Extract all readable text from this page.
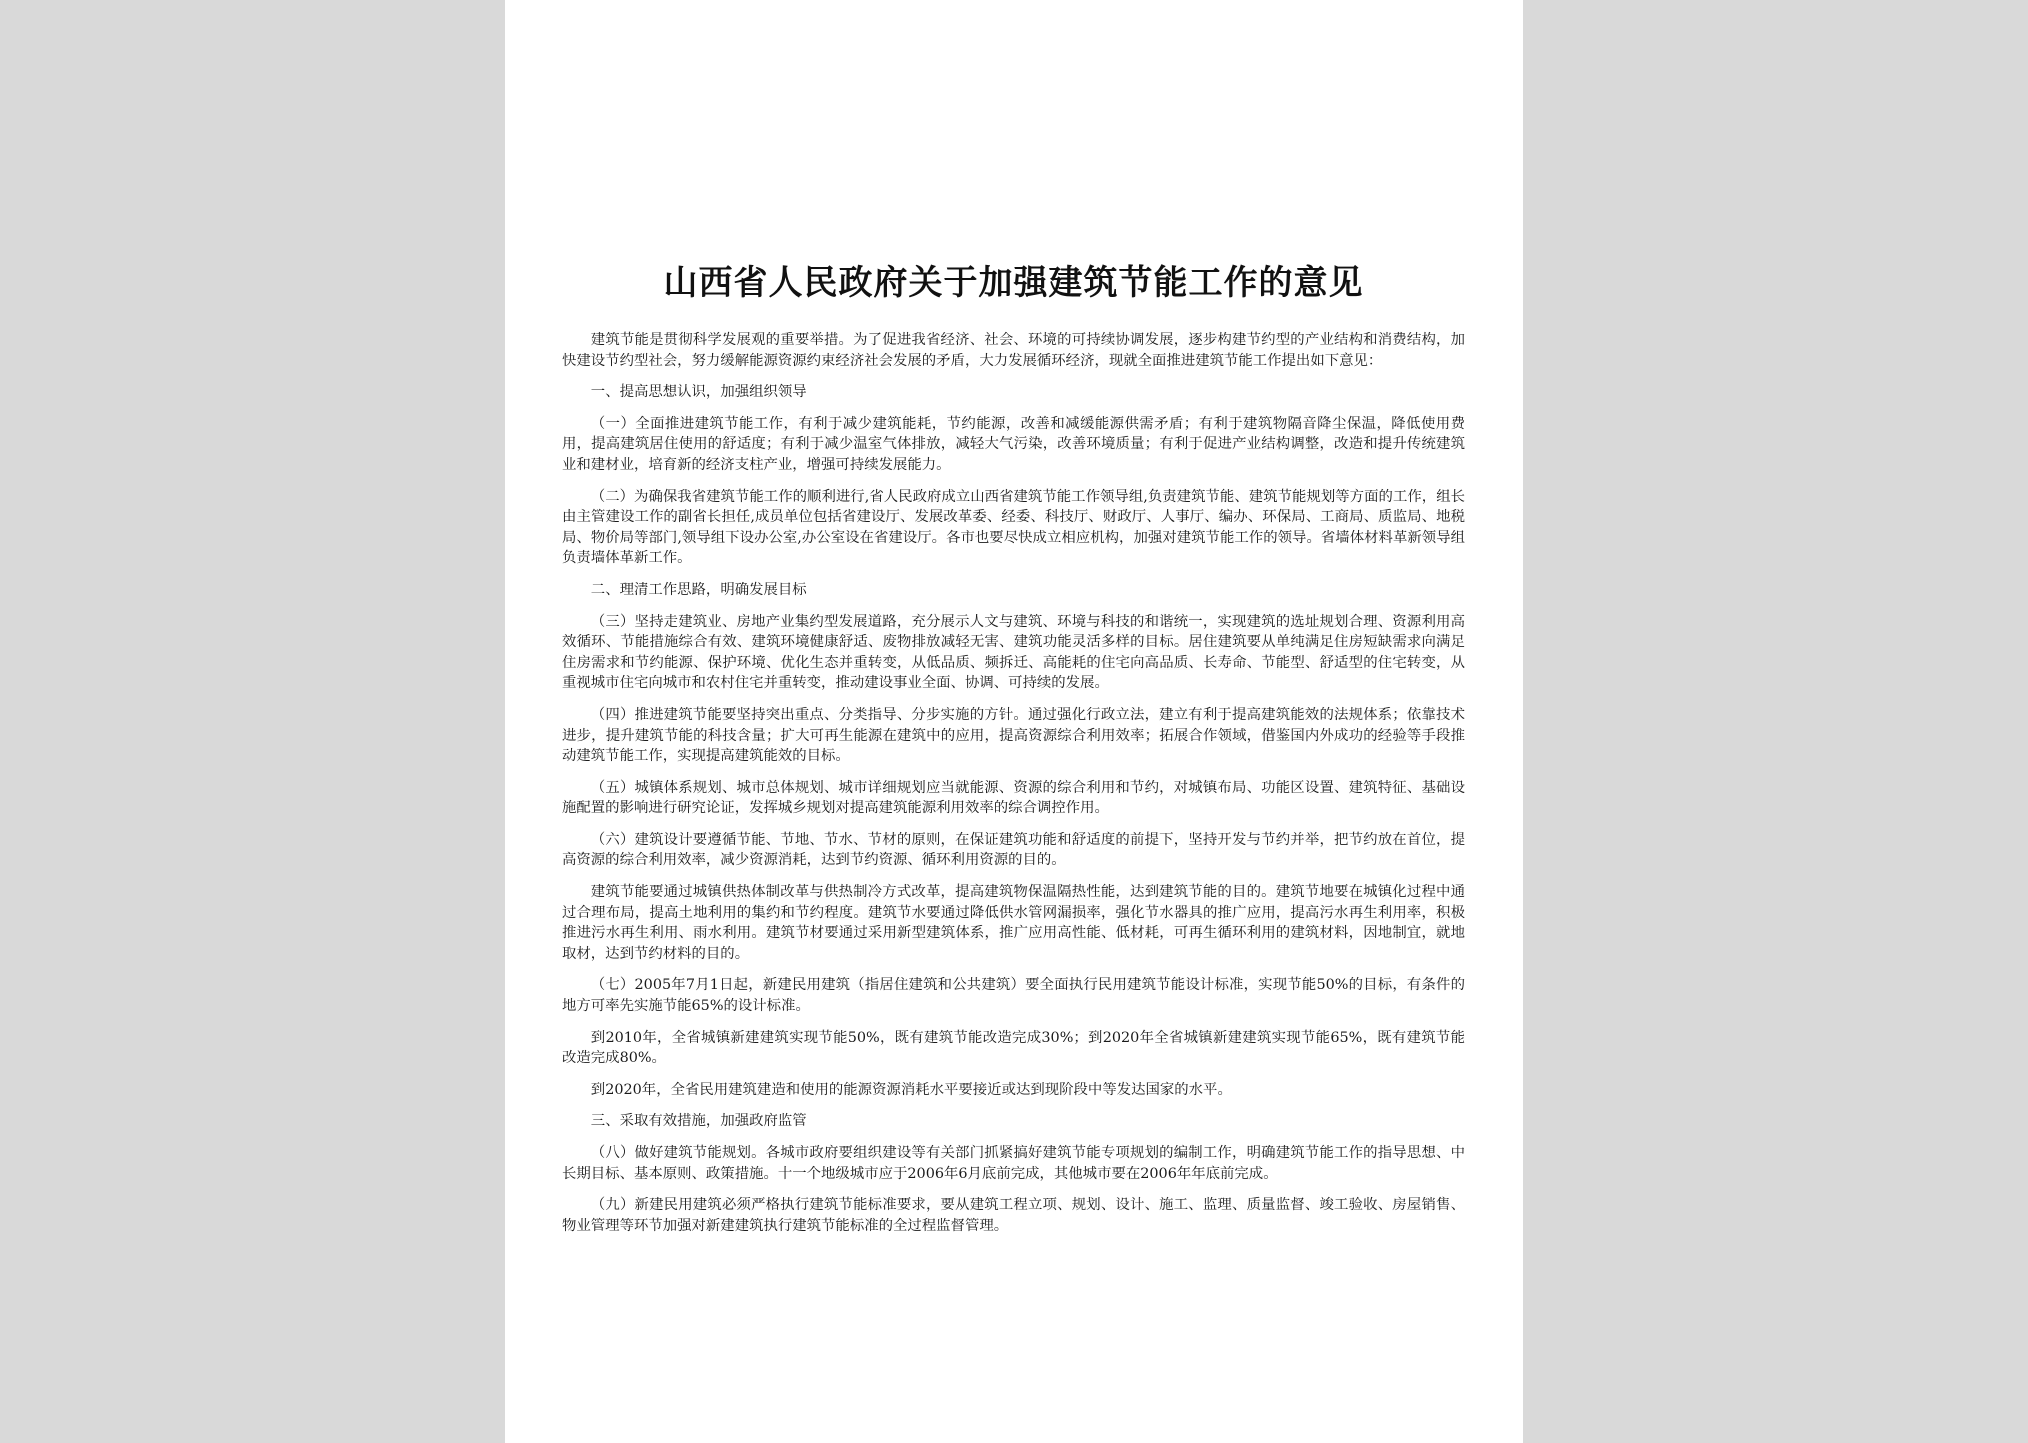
山西省人民政府关于加强建筑节能工作的意见

建筑节能是贯彻科学发展观的重要举措。为了促进我省经济、社会、环境的可持续协调发展，逐步构建节约型的产业结构和消费结构，加快建设节约型社会，努力缓解能源资源约束经济社会发展的矛盾，大力发展循环经济，现就全面推进建筑节能工作提出如下意见：

一、提高思想认识，加强组织领导

（一）全面推进建筑节能工作，有利于减少建筑能耗，节约能源，改善和减缓能源供需矛盾；有利于建筑物隔音降尘保温，降低使用费用，提高建筑居住使用的舒适度；有利于减少温室气体排放，减轻大气污染，改善环境质量；有利于促进产业结构调整，改造和提升传统建筑业和建材业，培育新的经济支柱产业，增强可持续发展能力。

（二）为确保我省建筑节能工作的顺利进行,省人民政府成立山西省建筑节能工作领导组,负责建筑节能、建筑节能规划等方面的工作，组长由主管建设工作的副省长担任,成员单位包括省建设厅、发展改革委、经委、科技厅、财政厅、人事厅、编办、环保局、工商局、质监局、地税局、物价局等部门,领导组下设办公室,办公室设在省建设厅。各市也要尽快成立相应机构，加强对建筑节能工作的领导。省墙体材料革新领导组负责墙体革新工作。

二、理清工作思路，明确发展目标

（三）坚持走建筑业、房地产业集约型发展道路，充分展示人文与建筑、环境与科技的和谐统一，实现建筑的选址规划合理、资源利用高效循环、节能措施综合有效、建筑环境健康舒适、废物排放减轻无害、建筑功能灵活多样的目标。居住建筑要从单纯满足住房短缺需求向满足住房需求和节约能源、保护环境、优化生态并重转变，从低品质、频拆迁、高能耗的住宅向高品质、长寿命、节能型、舒适型的住宅转变，从重视城市住宅向城市和农村住宅并重转变，推动建设事业全面、协调、可持续的发展。

（四）推进建筑节能要坚持突出重点、分类指导、分步实施的方针。通过强化行政立法，建立有利于提高建筑能效的法规体系；依靠技术进步，提升建筑节能的科技含量；扩大可再生能源在建筑中的应用，提高资源综合利用效率；拓展合作领域，借鉴国内外成功的经验等手段推动建筑节能工作，实现提高建筑能效的目标。

（五）城镇体系规划、城市总体规划、城市详细规划应当就能源、资源的综合利用和节约，对城镇布局、功能区设置、建筑特征、基础设施配置的影响进行研究论证，发挥城乡规划对提高建筑能源利用效率的综合调控作用。

（六）建筑设计要遵循节能、节地、节水、节材的原则，在保证建筑功能和舒适度的前提下，坚持开发与节约并举，把节约放在首位，提高资源的综合利用效率，减少资源消耗，达到节约资源、循环利用资源的目的。

建筑节能要通过城镇供热体制改革与供热制冷方式改革，提高建筑物保温隔热性能，达到建筑节能的目的。建筑节地要在城镇化过程中通过合理布局，提高土地利用的集约和节约程度。建筑节水要通过降低供水管网漏损率，强化节水器具的推广应用，提高污水再生利用率，积极推进污水再生利用、雨水利用。建筑节材要通过采用新型建筑体系，推广应用高性能、低材耗，可再生循环利用的建筑材料，因地制宜，就地取材，达到节约材料的目的。

（七）2005年7月1日起，新建民用建筑（指居住建筑和公共建筑）要全面执行民用建筑节能设计标准，实现节能50%的目标，有条件的地方可率先实施节能65%的设计标准。

到2010年，全省城镇新建建筑实现节能50%，既有建筑节能改造完成30%；到2020年全省城镇新建建筑实现节能65%，既有建筑节能改造完成80%。

到2020年，全省民用建筑建造和使用的能源资源消耗水平要接近或达到现阶段中等发达国家的水平。

三、采取有效措施，加强政府监管

（八）做好建筑节能规划。各城市政府要组织建设等有关部门抓紧搞好建筑节能专项规划的编制工作，明确建筑节能工作的指导思想、中长期目标、基本原则、政策措施。十一个地级城市应于2006年6月底前完成，其他城市要在2006年年底前完成。

（九）新建民用建筑必须严格执行建筑节能标准要求，要从建筑工程立项、规划、设计、施工、监理、质量监督、竣工验收、房屋销售、物业管理等环节加强对新建建筑执行建筑节能标准的全过程监督管理。
